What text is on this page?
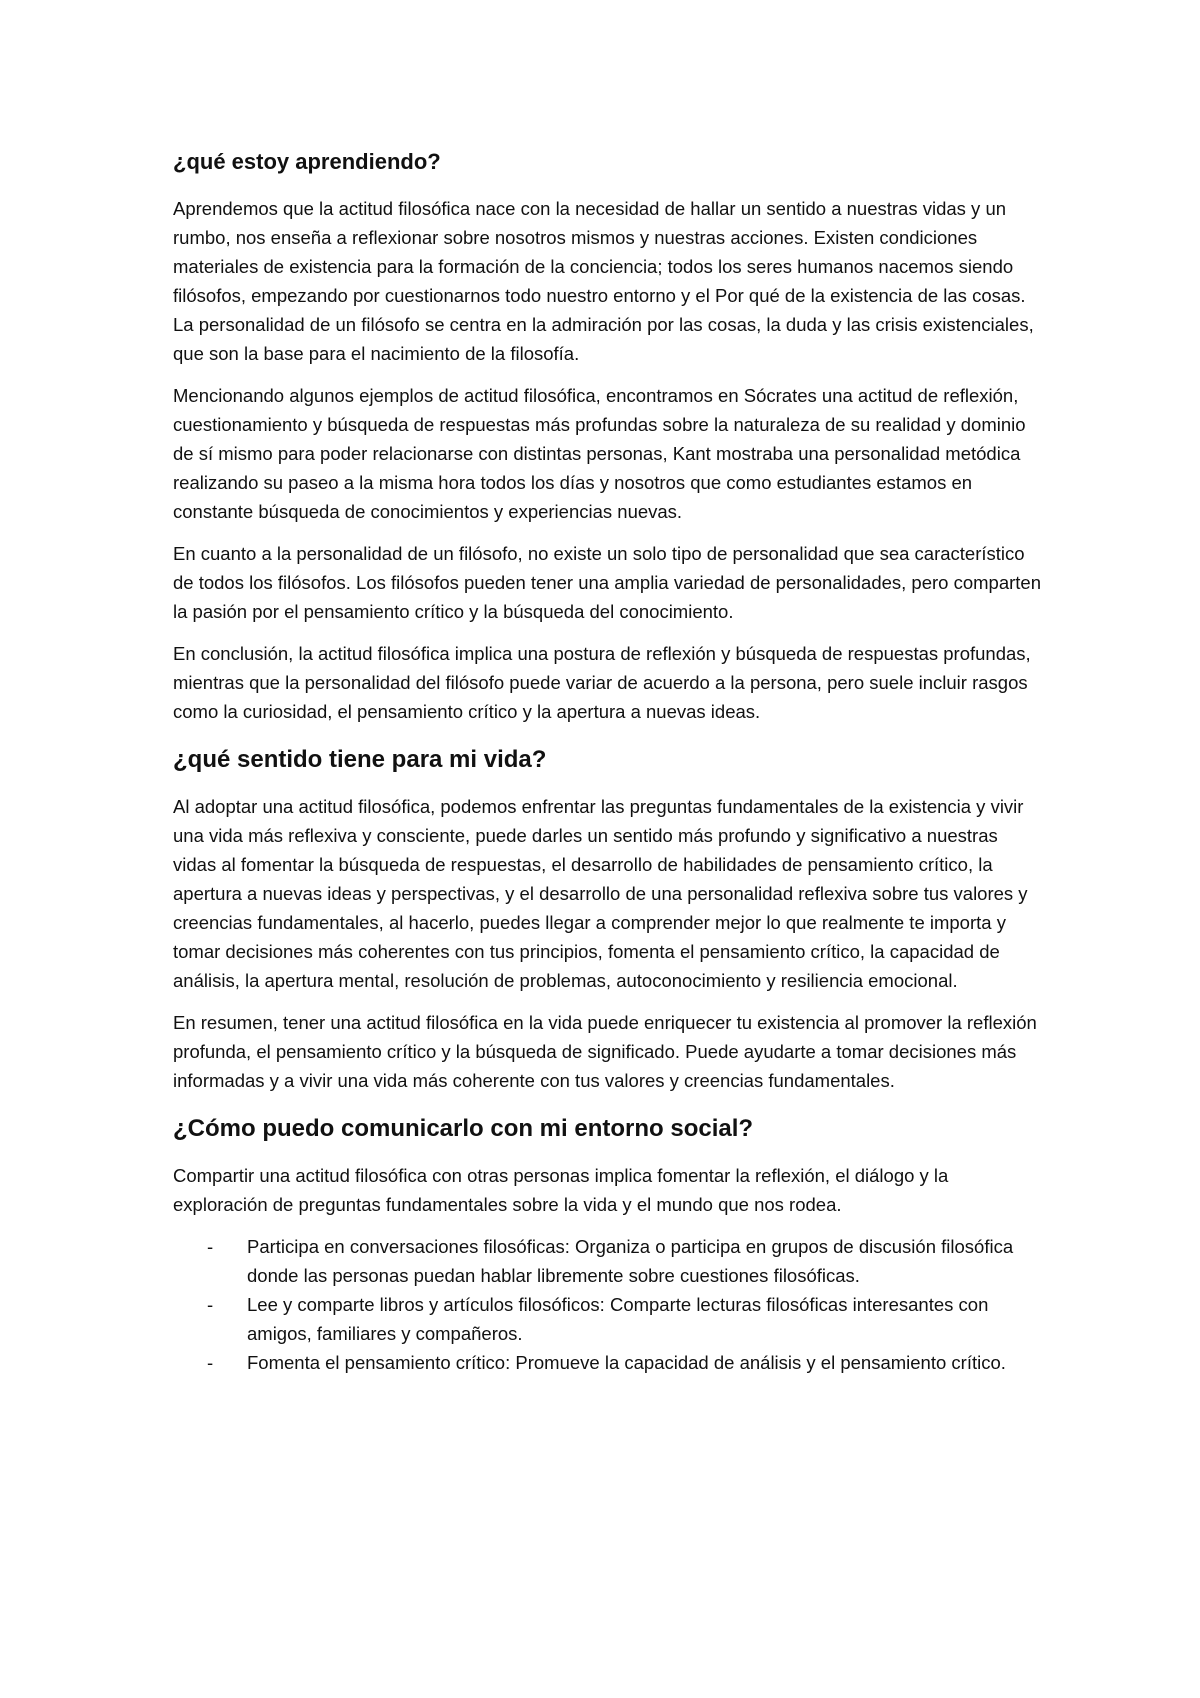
¿qué estoy aprendiendo?

Aprendemos que la actitud filosófica nace con la necesidad de hallar un sentido a nuestras vidas y un rumbo, nos enseña a reflexionar sobre nosotros mismos y nuestras acciones. Existen condiciones materiales de existencia para la formación de la conciencia; todos los seres humanos nacemos siendo filósofos, empezando por cuestionarnos todo nuestro entorno y el Por qué de la existencia de las cosas. La personalidad de un filósofo se centra en la admiración por las cosas, la duda y las crisis existenciales, que son la base para el nacimiento de la filosofía.

Mencionando algunos ejemplos de actitud filosófica, encontramos en Sócrates una actitud de reflexión, cuestionamiento y búsqueda de respuestas más profundas sobre la naturaleza de su realidad y dominio de sí mismo para poder relacionarse con distintas personas, Kant mostraba una personalidad metódica realizando su paseo a la misma hora todos los días y nosotros que como estudiantes estamos en constante búsqueda de conocimientos y experiencias nuevas.

En cuanto a la personalidad de un filósofo, no existe un solo tipo de personalidad que sea característico de todos los filósofos. Los filósofos pueden tener una amplia variedad de personalidades, pero comparten la pasión por el pensamiento crítico y la búsqueda del conocimiento.

En conclusión, la actitud filosófica implica una postura de reflexión y búsqueda de respuestas profundas, mientras que la personalidad del filósofo puede variar de acuerdo a la persona, pero suele incluir rasgos como la curiosidad, el pensamiento crítico y la apertura a nuevas ideas.

¿qué sentido tiene para mi vida?

Al adoptar una actitud filosófica, podemos enfrentar las preguntas fundamentales de la existencia y vivir una vida más reflexiva y consciente, puede darles un sentido más profundo y significativo a nuestras vidas al fomentar la búsqueda de respuestas, el desarrollo de habilidades de pensamiento crítico, la apertura a nuevas ideas y perspectivas, y el desarrollo de una personalidad reflexiva sobre tus valores y creencias fundamentales, al hacerlo, puedes llegar a comprender mejor lo que realmente te importa y tomar decisiones más coherentes con tus principios, fomenta el pensamiento crítico, la capacidad de análisis, la apertura mental, resolución de problemas, autoconocimiento y resiliencia emocional.

En resumen, tener una actitud filosófica en la vida puede enriquecer tu existencia al promover la reflexión profunda, el pensamiento crítico y la búsqueda de significado. Puede ayudarte a tomar decisiones más informadas y a vivir una vida más coherente con tus valores y creencias fundamentales.

¿Cómo puedo comunicarlo con mi entorno social?

Compartir una actitud filosófica con otras personas implica fomentar la reflexión, el diálogo y la exploración de preguntas fundamentales sobre la vida y el mundo que nos rodea.

- Participa en conversaciones filosóficas: Organiza o participa en grupos de discusión filosófica donde las personas puedan hablar libremente sobre cuestiones filosóficas.
- Lee y comparte libros y artículos filosóficos: Comparte lecturas filosóficas interesantes con amigos, familiares y compañeros.
- Fomenta el pensamiento crítico: Promueve la capacidad de análisis y el pensamiento crítico.
